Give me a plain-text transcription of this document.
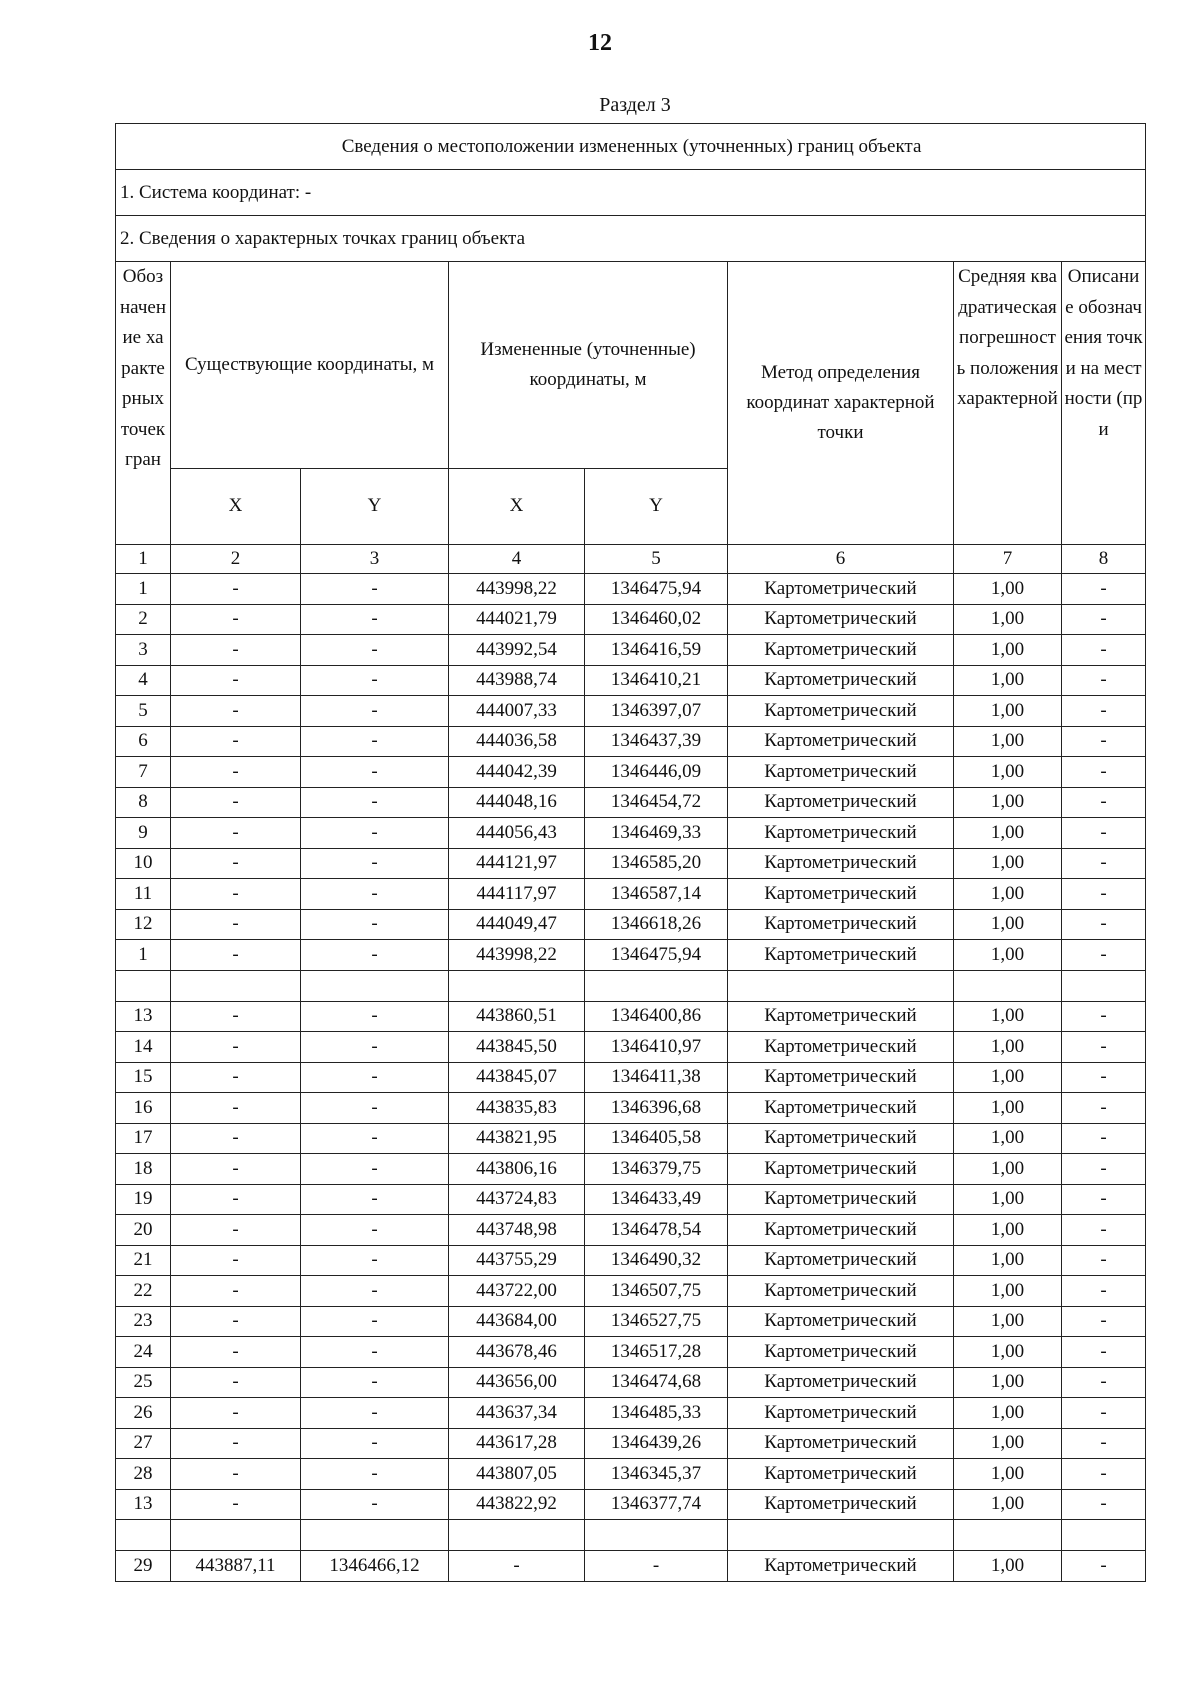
12
Раздел 3
Сведения о местоположении измененных (уточненных) границ объекта							
1. Система координат: -							
2. Сведения о характерных точках границ объекта							
Обозначение характерных точек гран	Существующие координаты, м		Измененные (уточненные) координаты, м		Метод определения координат характерной точки	Средняя квадратическая погрешность положения характерной	Описание обозначения точки на местности (при
	X	Y	X	Y			
1	2	3	4	5	6	7	8
1	-	-	443998,22	1346475,94	Картометрический	1,00	-
2	-	-	444021,79	1346460,02	Картометрический	1,00	-
3	-	-	443992,54	1346416,59	Картометрический	1,00	-
4	-	-	443988,74	1346410,21	Картометрический	1,00	-
5	-	-	444007,33	1346397,07	Картометрический	1,00	-
6	-	-	444036,58	1346437,39	Картометрический	1,00	-
7	-	-	444042,39	1346446,09	Картометрический	1,00	-
8	-	-	444048,16	1346454,72	Картометрический	1,00	-
9	-	-	444056,43	1346469,33	Картометрический	1,00	-
10	-	-	444121,97	1346585,20	Картометрический	1,00	-
11	-	-	444117,97	1346587,14	Картометрический	1,00	-
12	-	-	444049,47	1346618,26	Картометрический	1,00	-
1	-	-	443998,22	1346475,94	Картометрический	1,00	-

13	-	-	443860,51	1346400,86	Картометрический	1,00	-
14	-	-	443845,50	1346410,97	Картометрический	1,00	-
15	-	-	443845,07	1346411,38	Картометрический	1,00	-
16	-	-	443835,83	1346396,68	Картометрический	1,00	-
17	-	-	443821,95	1346405,58	Картометрический	1,00	-
18	-	-	443806,16	1346379,75	Картометрический	1,00	-
19	-	-	443724,83	1346433,49	Картометрический	1,00	-
20	-	-	443748,98	1346478,54	Картометрический	1,00	-
21	-	-	443755,29	1346490,32	Картометрический	1,00	-
22	-	-	443722,00	1346507,75	Картометрический	1,00	-
23	-	-	443684,00	1346527,75	Картометрический	1,00	-
24	-	-	443678,46	1346517,28	Картометрический	1,00	-
25	-	-	443656,00	1346474,68	Картометрический	1,00	-
26	-	-	443637,34	1346485,33	Картометрический	1,00	-
27	-	-	443617,28	1346439,26	Картометрический	1,00	-
28	-	-	443807,05	1346345,37	Картометрический	1,00	-
13	-	-	443822,92	1346377,74	Картометрический	1,00	-

29	443887,11	1346466,12	-	-	Картометрический	1,00	-
